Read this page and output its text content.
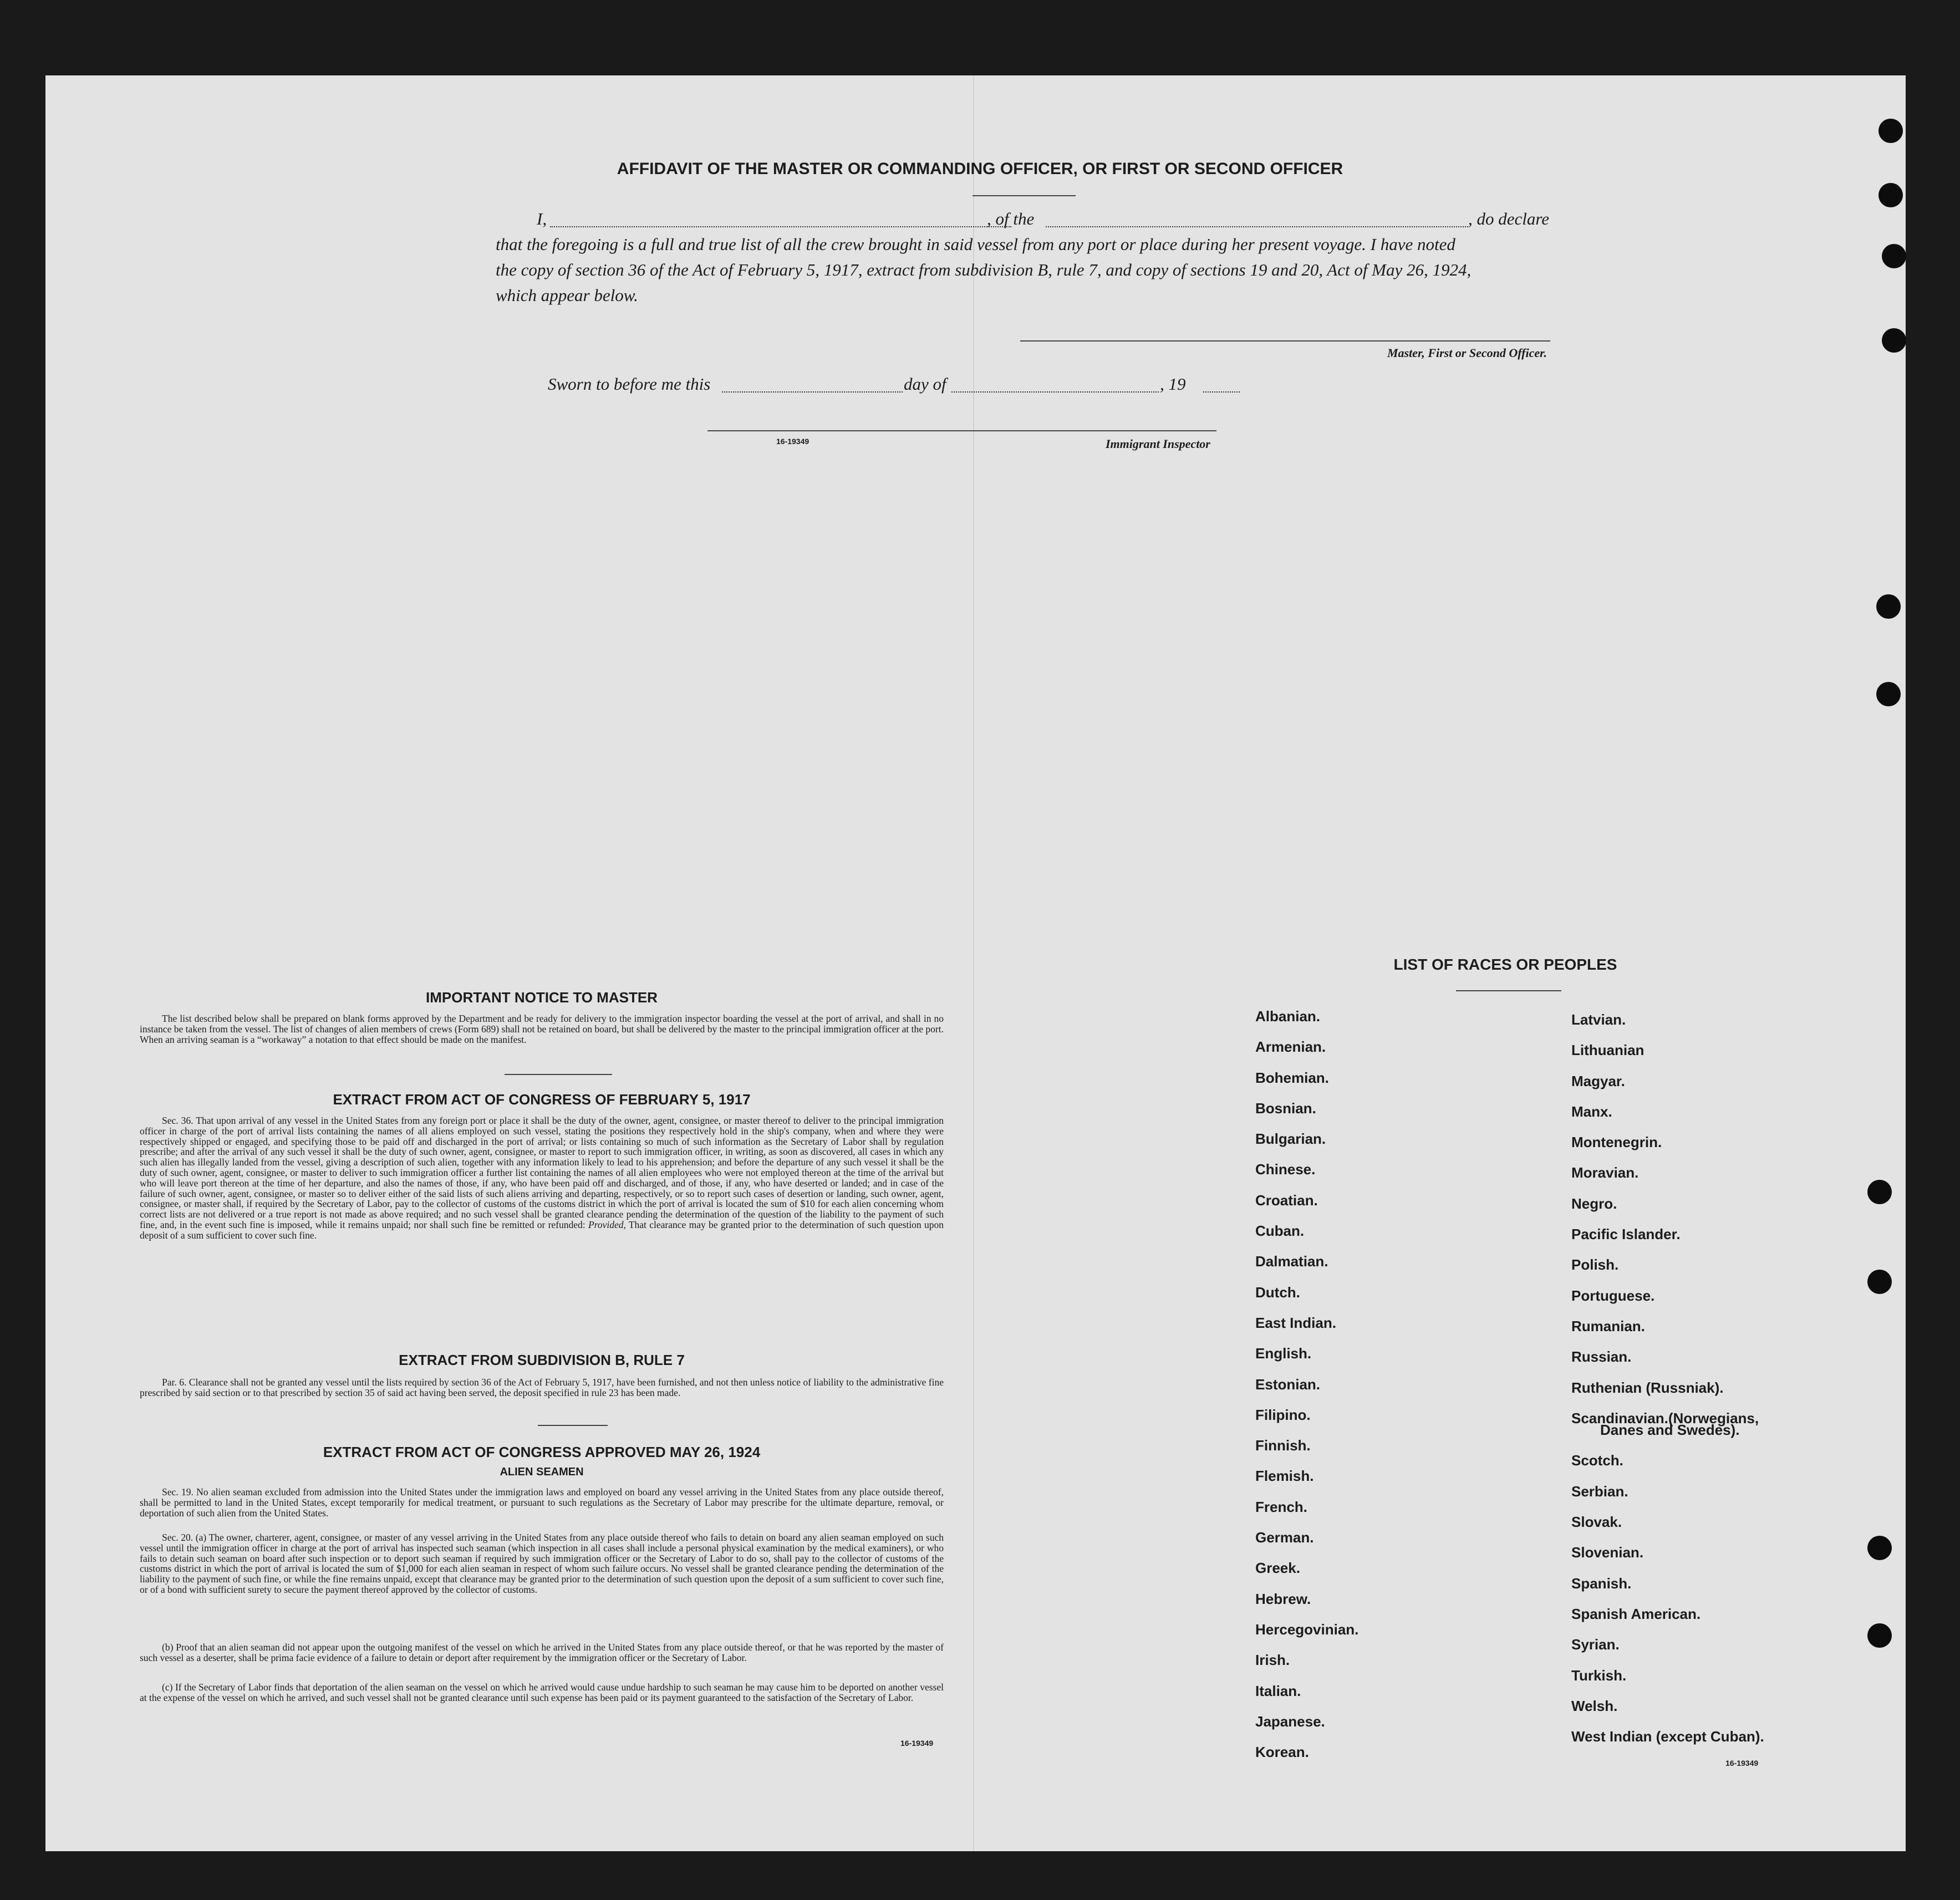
AFFIDAVIT OF THE MASTER OR COMMANDING OFFICER, OR FIRST OR SECOND OFFICER
I,	, of the	, do declare
that the foregoing is a full and true list of all the crew brought in said vessel from any port or place during her present voyage. I have noted
the copy of section 36 of the Act of February 5, 1917, extract from subdivision B, rule 7, and copy of sections 19 and 20, Act of May 26, 1924,
which appear below.
Master, First or Second Officer.
Sworn to before me this	day of	, 19
16-19349	Immigrant Inspector
IMPORTANT NOTICE TO MASTER
The list described below shall be prepared on blank forms approved by the Department and be ready for delivery to the immigration inspector boarding the vessel at the port of arrival, and shall in no instance be taken from the vessel. The list of changes of alien members of crews (Form 689) shall not be retained on board, but shall be delivered by the master to the principal immigration officer at the port. When an arriving seaman is a “workaway” a notation to that effect should be made on the manifest.
EXTRACT FROM ACT OF CONGRESS OF FEBRUARY 5, 1917
Sec. 36. That upon arrival of any vessel in the United States from any foreign port or place it shall be the duty of the owner, agent, consignee, or master thereof to deliver to the principal immigration officer in charge of the port of arrival lists containing the names of all aliens employed on such vessel, stating the positions they respectively hold in the ship's company, when and where they were respectively shipped or engaged, and specifying those to be paid off and discharged in the port of arrival; or lists containing so much of such information as the Secretary of Labor shall by regulation prescribe; and after the arrival of any such vessel it shall be the duty of such owner, agent, consignee, or master to report to such immigration officer, in writing, as soon as discovered, all cases in which any such alien has illegally landed from the vessel, giving a description of such alien, together with any information likely to lead to his apprehension; and before the departure of any such vessel it shall be the duty of such owner, agent, consignee, or master to deliver to such immigration officer a further list containing the names of all alien employees who were not employed thereon at the time of the arrival but who will leave port thereon at the time of her departure, and also the names of those, if any, who have been paid off and discharged, and of those, if any, who have deserted or landed; and in case of the failure of such owner, agent, consignee, or master so to deliver either of the said lists of such aliens arriving and departing, respectively, or so to report such cases of desertion or landing, such owner, agent, consignee, or master shall, if required by the Secretary of Labor, pay to the collector of customs of the customs district in which the port of arrival is located the sum of $10 for each alien concerning whom correct lists are not delivered or a true report is not made as above required; and no such vessel shall be granted clearance pending the determination of the question of the liability to the payment of such fine, and, in the event such fine is imposed, while it remains unpaid; nor shall such fine be remitted or refunded: Provided, That clearance may be granted prior to the determination of such question upon deposit of a sum sufficient to cover such fine.
EXTRACT FROM SUBDIVISION B, RULE 7
Par. 6. Clearance shall not be granted any vessel until the lists required by section 36 of the Act of February 5, 1917, have been furnished, and not then unless notice of liability to the administrative fine prescribed by said section or to that prescribed by section 35 of said act having been served, the deposit specified in rule 23 has been made.
EXTRACT FROM ACT OF CONGRESS APPROVED MAY 26, 1924
ALIEN SEAMEN
Sec. 19. No alien seaman excluded from admission into the United States under the immigration laws and employed on board any vessel arriving in the United States from any place outside thereof, shall be permitted to land in the United States, except temporarily for medical treatment, or pursuant to such regulations as the Secretary of Labor may prescribe for the ultimate departure, removal, or deportation of such alien from the United States.
Sec. 20. (a) The owner, charterer, agent, consignee, or master of any vessel arriving in the United States from any place outside thereof who fails to detain on board any alien seaman employed on such vessel until the immigration officer in charge at the port of arrival has inspected such seaman (which inspection in all cases shall include a personal physical examination by the medical examiners), or who fails to detain such seaman on board after such inspection or to deport such seaman if required by such immigration officer or the Secretary of Labor to do so, shall pay to the collector of customs of the customs district in which the port of arrival is located the sum of $1,000 for each alien seaman in respect of whom such failure occurs. No vessel shall be granted clearance pending the determination of the liability to the payment of such fine, or while the fine remains unpaid, except that clearance may be granted prior to the determination of such question upon the deposit of a sum sufficient to cover such fine, or of a bond with sufficient surety to secure the payment thereof approved by the collector of customs.
(b) Proof that an alien seaman did not appear upon the outgoing manifest of the vessel on which he arrived in the United States from any place outside thereof, or that he was reported by the master of such vessel as a deserter, shall be prima facie evidence of a failure to detain or deport after requirement by the immigration officer or the Secretary of Labor.
(c) If the Secretary of Labor finds that deportation of the alien seaman on the vessel on which he arrived would cause undue hardship to such seaman he may cause him to be deported on another vessel at the expense of the vessel on which he arrived, and such vessel shall not be granted clearance until such expense has been paid or its payment guaranteed to the satisfaction of the Secretary of Labor.
16-19349
LIST OF RACES OR PEOPLES
Albanian.
Armenian.
Bohemian.
Bosnian.
Bulgarian.
Chinese.
Croatian.
Cuban.
Dalmatian.
Dutch.
East Indian.
English.
Estonian.
Filipino.
Finnish.
Flemish.
French.
German.
Greek.
Hebrew.
Hercegovinian.
Irish.
Italian.
Japanese.
Korean.
Latvian.
Lithuanian
Magyar.
Manx.
Montenegrin.
Moravian.
Negro.
Pacific Islander.
Polish.
Portuguese.
Rumanian.
Russian.
Ruthenian (Russniak).
Scandinavian.(Norwegians,
Danes and Swedes).
Scotch.
Serbian.
Slovak.
Slovenian.
Spanish.
Spanish American.
Syrian.
Turkish.
Welsh.
West Indian (except Cuban).
16-19349
